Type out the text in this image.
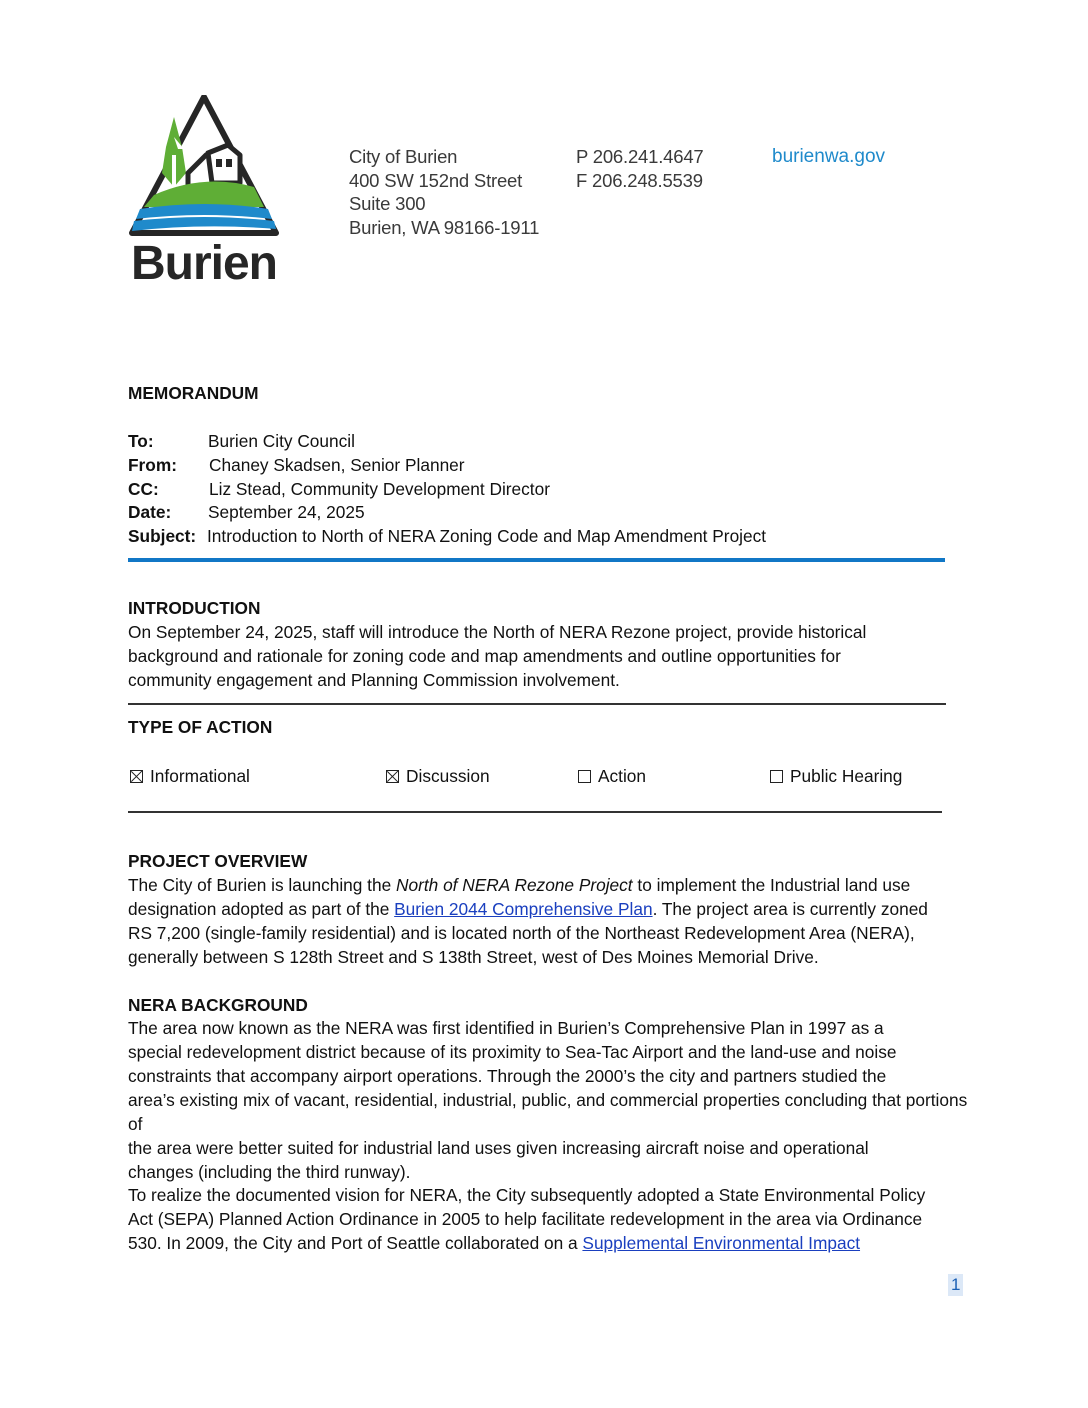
Burien
City of Burien
400 SW 152nd Street
Suite 300
Burien, WA 98166-1911
P 206.241.4647
F 206.248.5539
burienwa.gov
MEMORANDUM
To:	Burien City Council
From: Chaney Skadsen, Senior Planner
CC:	Liz Stead, Community Development Director
Date: September 24, 2025
Subject: Introduction to North of NERA Zoning Code and Map Amendment Project
INTRODUCTION
On September 24, 2025, staff will introduce the North of NERA Rezone project, provide historical
background and rationale for zoning code and map amendments and outline opportunities for
community engagement and Planning Commission involvement.
TYPE OF ACTION
Informational	Discussion	Action	Public Hearing
PROJECT OVERVIEW
The City of Burien is launching the North of NERA Rezone Project to implement the Industrial land use
designation adopted as part of the Burien 2044 Comprehensive Plan. The project area is currently zoned
RS 7,200 (single-family residential) and is located north of the Northeast Redevelopment Area (NERA),
generally between S 128th Street and S 138th Street, west of Des Moines Memorial Drive.
NERA BACKGROUND
The area now known as the NERA was first identified in Burien’s Comprehensive Plan in 1997 as a
special redevelopment district because of its proximity to Sea-Tac Airport and the land-use and noise
constraints that accompany airport operations. Through the 2000’s the city and partners studied the
area’s existing mix of vacant, residential, industrial, public, and commercial properties concluding that portions of
the area were better suited for industrial land uses given increasing aircraft noise and operational
changes (including the third runway).
To realize the documented vision for NERA, the City subsequently adopted a State Environmental Policy
Act (SEPA) Planned Action Ordinance in 2005 to help facilitate redevelopment in the area via Ordinance
530. In 2009, the City and Port of Seattle collaborated on a Supplemental Environmental Impact
1
